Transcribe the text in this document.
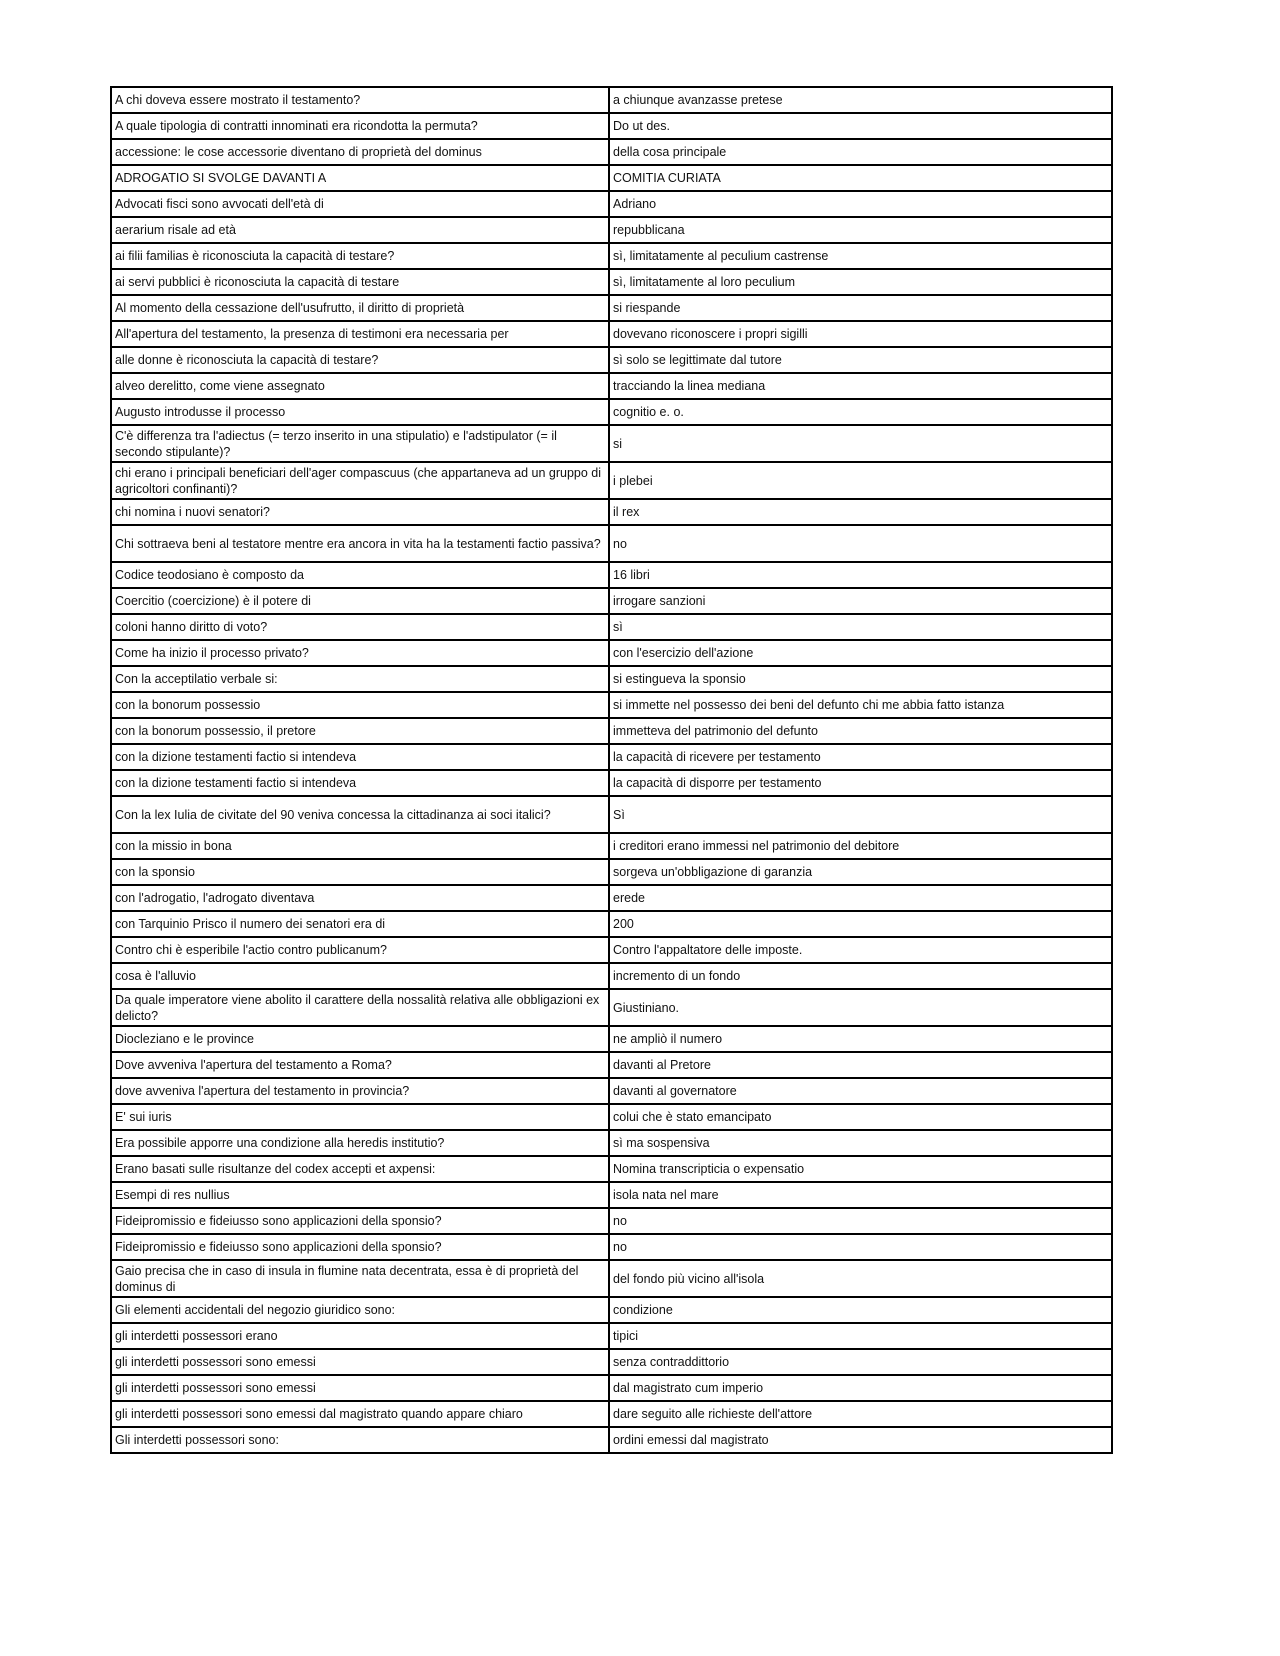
A chi doveva essere mostrato il testamento?	a chiunque avanzasse pretese
A quale tipologia di contratti innominati era ricondotta la permuta?	Do ut des.
accessione: le cose accessorie diventano di proprietà del dominus	della cosa principale
ADROGATIO SI SVOLGE DAVANTI A	COMITIA CURIATA
Advocati fisci sono avvocati dell'età di	Adriano
aerarium risale ad età	repubblicana
ai filii familias è riconosciuta la capacità di testare?	sì, limitatamente al peculium castrense
ai servi pubblici è riconosciuta la capacità di testare	sì, limitatamente al loro peculium
Al momento della cessazione dell'usufrutto, il diritto di proprietà	si riespande
All'apertura del testamento, la presenza di testimoni era necessaria per	dovevano riconoscere i propri sigilli
alle donne è riconosciuta la capacità di testare?	sì solo se legittimate dal tutore
alveo derelitto, come viene assegnato	tracciando la linea mediana
Augusto introdusse il processo	cognitio e. o.
C'è differenza tra l'adiectus (= terzo inserito in una stipulatio) e l'adstipulator (= il secondo stipulante)?	si
chi erano i principali beneficiari dell'ager compascuus (che appartaneva ad un gruppo di agricoltori confinanti)?	i plebei
chi nomina i nuovi senatori?	il rex
Chi sottraeva beni al testatore mentre era ancora in vita ha la testamenti factio passiva?	no
Codice teodosiano è composto da	16 libri
Coercitio (coercizione) è il potere di	irrogare sanzioni
coloni hanno diritto di voto?	sì
Come ha inizio il processo privato?	con l'esercizio dell'azione
Con la acceptilatio verbale si:	si estingueva la sponsio
con la bonorum possessio	si immette nel possesso dei beni del defunto chi me abbia fatto istanza
con la bonorum possessio, il pretore	immetteva del patrimonio del defunto
con la dizione testamenti factio si intendeva	la capacità di ricevere per testamento
con la dizione testamenti factio si intendeva	la capacità di disporre per testamento
Con la lex Iulia de civitate del 90 veniva concessa la cittadinanza ai soci italici?	Sì
con la missio in bona	i creditori erano immessi nel patrimonio del debitore
con la sponsio	sorgeva un'obbligazione di garanzia
con l'adrogatio, l'adrogato diventava	erede
con Tarquinio Prisco il numero dei senatori era di	200
Contro chi è esperibile l'actio contro publicanum?	Contro l'appaltatore delle imposte.
cosa è l'alluvio	incremento di un fondo
Da quale imperatore viene abolito il carattere della nossalità relativa alle obbligazioni ex delicto?	Giustiniano.
Diocleziano e le province	ne ampliò il numero
Dove avveniva l'apertura del testamento a Roma?	davanti al Pretore
dove avveniva l'apertura del testamento in provincia?	davanti al governatore
E' sui iuris	colui che è stato emancipato
Era possibile apporre una condizione alla heredis institutio?	sì ma sospensiva
Erano basati sulle risultanze del codex accepti et axpensi:	Nomina transcripticia o expensatio
Esempi di res nullius	isola nata nel mare
Fideipromissio e fideiusso sono applicazioni della sponsio?	no
Fideipromissio e fideiusso sono applicazioni della sponsio?	no
Gaio precisa che in caso di insula in flumine nata decentrata, essa è di proprietà del dominus di	del fondo più vicino all'isola
Gli elementi accidentali del negozio giuridico sono:	condizione
gli interdetti possessori erano	tipici
gli interdetti possessori sono emessi	senza contraddittorio
gli interdetti possessori sono emessi	dal magistrato cum imperio
gli interdetti possessori sono emessi dal magistrato quando appare chiaro	dare seguito alle richieste dell'attore
Gli interdetti possessori sono:	ordini emessi dal magistrato
